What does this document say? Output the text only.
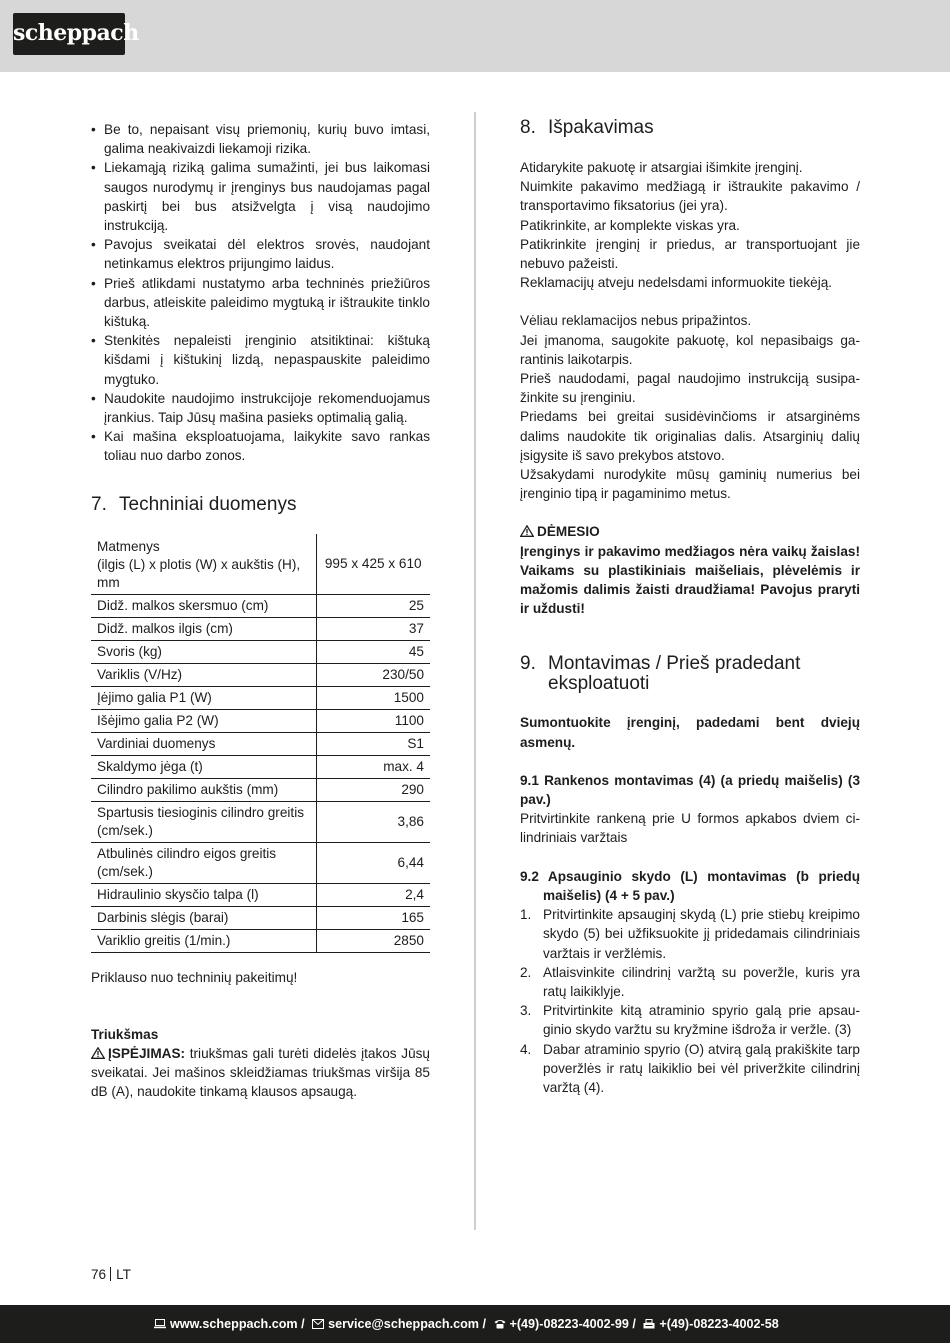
scheppach
• Be to, nepaisant visų priemonių, kurių buvo imtasi, galima neakivaizdi liekamoji rizika.
• Liekamąją riziką galima sumažinti, jei bus laikomasi saugos nurodymų ir įrenginys bus naudojamas pagal paskirtį bei bus atsižvelgta į visą naudojimo instrukciją.
• Pavojus sveikatai dėl elektros srovės, naudojant netinkamus elektros prijungimo laidus.
• Prieš atlikdami nustatymo arba techninės priežiūros darbus, atleiskite paleidimo mygtuką ir ištraukite tinklo kištuką.
• Stenkitės nepaleisti įrenginio atsitiktinai: kištuką kišdami į kištukinį lizdą, nepaspauskite paleidimo mygtuko.
• Naudokite naudojimo instrukcijoje rekomenduojamus įrankius. Taip Jūsų mašina pasieks optimalią galią.
• Kai mašina eksploatuojama, laikykite savo rankas toliau nuo darbo zonos.
7. Techniniai duomenys
Matmenys
(ilgis (L) x plotis (W) x aukštis (H), mm	995 x 425 x 610
Didž. malkos skersmuo (cm)	25
Didž. malkos ilgis (cm)	37
Svoris (kg)	45
Variklis (V/Hz)	230/50
Įėjimo galia P1 (W)	1500
Išėjimo galia P2 (W)	1100
Vardiniai duomenys	S1
Skaldymo jėga (t)	max. 4
Cilindro pakilimo aukštis (mm)	290
Spartusis tiesioginis cilindro greitis (cm/sek.)	3,86
Atbulinės cilindro eigos greitis (cm/sek.)	6,44
Hidraulinio skysčio talpa (l)	2,4
Darbinis slėgis (barai)	165
Variklio greitis (1/min.)	2850

Priklauso nuo techninių pakeitimų!

Triukšmas

ĮSPĖJIMAS: triukšmas gali turėti didelės įtakos Jūsų sveikatai. Jei mašinos skleidžiamas triukšmas viršija 85 dB (A), naudokite tinkamą klausos apsaugą.

8. Išpakavimas

Atidarykite pakuotę ir atsargiai išimkite įrenginį.

Nuimkite pakavimo medžiagą ir ištraukite pakavimo / transportavimo fiksatorius (jei yra).

Patikrinkite, ar komplekte viskas yra.

Patikrinkite įrenginį ir priedus, ar transportuojant jie nebuvo pažeisti.

Reklamacijų atveju nedelsdami informuokite tiekėją.

Vėliau reklamacijos nebus pripažintos.

Jei įmanoma, saugokite pakuotę, kol nepasibaigs garantinis laikotarpis.

Prieš naudodami, pagal naudojimo instrukciją susipažinkite su įrenginiu.

Priedams bei greitai susidėvinčioms ir atsarginėms dalims naudokite tik originalias dalis. Atsarginių dalių įsigysite iš savo prekybos atstovo.

Užsakydami nurodykite mūsų gaminių numerius bei įrenginio tipą ir pagaminimo metus.

DĖMESIO

Įrenginys ir pakavimo medžiagos nėra vaikų žaislas! Vaikams su plastikiniais maišeliais, plėvelėmis ir mažomis dalimis žaisti draudžiama! Pavojus praryti ir uždusti!

9. Montavimas / Prieš pradedant eksploatuoti

Sumontuokite įrenginį, padedami bent dviejų asmenų.

9.1 Rankenos montavimas (4) (a priedų maišelis) (3 pav.)

Pritvirtinkite rankeną prie U formos apkabos dviem cilindriniais varžtais

9.2 Apsauginio skydo (L) montavimas (b priedų maišelis) (4 + 5 pav.)

1. Pritvirtinkite apsauginį skydą (L) prie stiebų kreipimo skydo (5) bei užfiksuokite jį pridedamais cilindriniais varžtais ir veržlėmis.
2. Atlaisvinkite cilindrinį varžtą su poveržle, kuris yra ratų laikiklyje.
3. Pritvirtinkite kitą atraminio spyrio galą prie apsauginio skydo varžtu su kryžmine išdroža ir veržle. (3)
4. Dabar atraminio spyrio (O) atvirą galą prakiškite tarp poveržlės ir ratų laikiklio bei vėl priveržkite cilindrinį varžtą (4).
76 LT
www.scheppach.com / service@scheppach.com / +(49)-08223-4002-99 / +(49)-08223-4002-58
